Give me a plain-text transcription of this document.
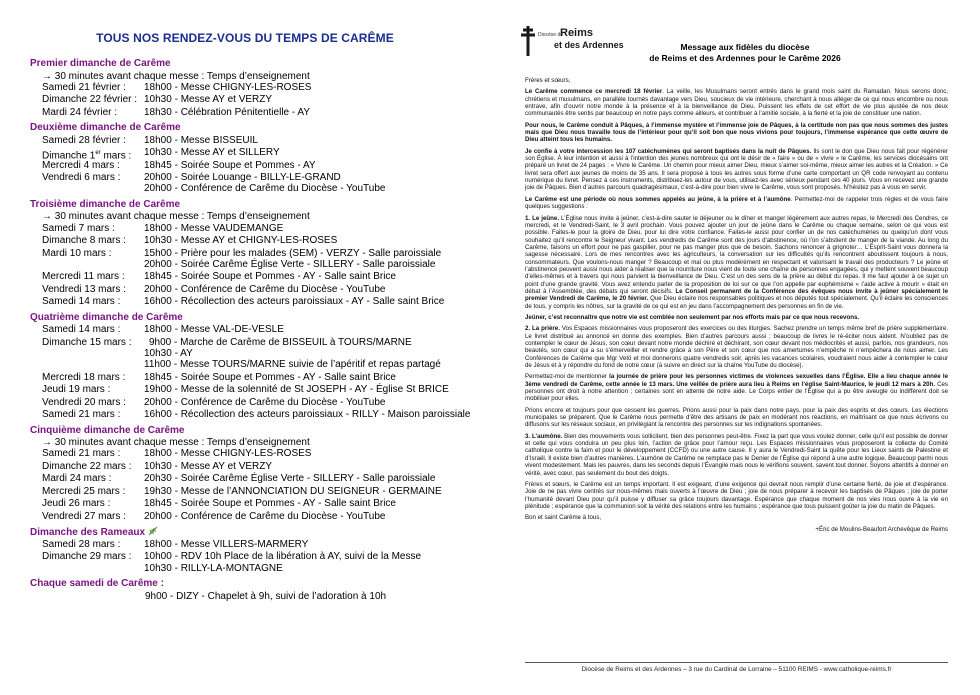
TOUS NOS RENDEZ-VOUS DU TEMPS DE CARÊME
Premier dimanche de Carême
→ 30 minutes avant chaque messe : Temps d’enseignement
Samedi 21 février : 18h00 - Messe CHIGNY-LES-ROSES
Dimanche 22 février : 10h30 - Messe AY et VERZY
Mardi 24 février :	18h30 - Célébration Pénitentielle - AY
Deuxième dimanche de Carême
Samedi 28 février : 18h00 - Messe BISSEUIL
Dimanche 1er mars : 10h30 - Messe AY et SILLERY
Mercredi 4 mars : 18h45 - Soirée Soupe et Pommes - AY
Vendredi 6 mars : 20h00 - Soirée Louange - BILLY-LE-GRAND
20h00 - Conférence de Carême du Diocèse - YouTube
Troisième dimanche de Carême
→ 30 minutes avant chaque messe : Temps d’enseignement
Samedi 7 mars :	18h00 - Messe VAUDEMANGE
Dimanche 8 mars : 10h30 - Messe AY et CHIGNY-LES-ROSES
Mardi 10 mars :	15h00 - Prière pour les malades (SEM) - VERZY - Salle paroissiale
20h00 - Soirée Carême Église Verte - SILLERY - Salle paroissiale
Mercredi 11 mars : 18h45 - Soirée Soupe et Pommes - AY - Salle saint Brice
Vendredi 13 mars : 20h00 - Conférence de Carême du Diocèse - YouTube
Samedi 14 mars : 16h00 - Récollection des acteurs paroissiaux - AY - Salle saint Brice
Quatrième dimanche de Carême
Samedi 14 mars : 18h00 - Messe VAL-DE-VESLE
Dimanche 15 mars : 9h00 - Marche de Carême de BISSEUIL à TOURS/MARNE
10h30 - AY
11h00 - Messe TOURS/MARNE suivie de l’apéritif et repas partagé
Mercredi 18 mars : 18h45 - Soirée Soupe et Pommes - AY - Salle saint Brice
Jeudi 19 mars :	19h00 - Messe de la solennité de St JOSEPH - AY - Église St BRICE
Vendredi 20 mars : 20h00 - Conférence de Carême du Diocèse - YouTube
Samedi 21 mars : 16h00 - Récollection des acteurs paroissiaux - RILLY - Maison paroissiale
Cinquième dimanche de Carême
→ 30 minutes avant chaque messe : Temps d’enseignement
Samedi 21 mars : 18h00 - Messe CHIGNY-LES-ROSES
Dimanche 22 mars : 10h30 - Messe AY et VERZY
Mardi 24 mars :	20h30 - Soirée Carême Église Verte - SILLERY - Salle paroissiale
Mercredi 25 mars : 19h30 - Messe de l’ANNONCIATION DU SEIGNEUR - GERMAINE
Jeudi 26 mars :	18h45 - Soirée Soupe et Pommes - AY - Salle saint Brice
Vendredi 27 mars : 20h00 - Conférence de Carême du Diocèse - YouTube
Dimanche des Rameaux
Samedi 28 mars : 18h00 - Messe VILLERS-MARMERY
Dimanche 29 mars : 10h00 - RDV 10h Place de la libération à AY, suivi de la Messe
10h30 - RILLY-LA-MONTAGNE
Chaque samedi de Carême :
9h00 - DIZY - Chapelet à 9h, suivi de l’adoration à 10h
Diocèse de
Reims
et des Ardennes	Message aux fidèles du diocèse
de Reims et des Ardennes pour le Carême 2026

Frères et sœurs,

Le Carême commence ce mercredi 18 février. La veille, les Musulmans seront entrés dans le grand mois saint du Ramadan. Nous serons donc, chrétiens et musulmans, en parallèle tournés davantage vers Dieu, soucieux de vie intérieure, cherchant à nous alléger de ce qui nous encombre ou nous entrave, afin d’ouvrir notre monde à la présence et à la bienveillance de Dieu. Puissent les effets de cet effort de vie plus ajustée de nos deux communautés être sentis par beaucoup en notre pays comme ailleurs, et contribuer à l’amitié sociale, à la fierté et la joie de constituer une nation.

Pour nous, le Carême conduit à Pâques, à l’immense mystère et l’immense joie de Pâques, à la certitude non pas que nous sommes des justes mais que Dieu nous travaille tous de l’intérieur pour qu’il soit bon que nous vivions pour toujours, l’immense espérance que cette œuvre de Dieu atteint tous les humains.

Je confie à votre intercession les 107 catéchumènes qui seront baptisés dans la nuit de Pâques. Ils sont le don que Dieu nous fait pour régénérer son Église. À leur intention et aussi à l’intention des jeunes nombreux qui ont le désir de « faire » ou de « vivre » le Carême, les services diocésains ont préparé un livret de 24 pages : « Vivre le Carême. Un chemin pour mieux aimer Dieu, mieux s’aimer soi-même, mieux aimer les autres et la Création. » Ce livret sera offert aux jeunes de moins de 35 ans. Il sera proposé à tous les autres sous forme d’une carte comportant un QR code renvoyant au contenu numérique du livret. Pensez à ces instruments, distribuez-les autour de vous, utilisez-les avec sérieux pendant ces 40 jours. Vous en recevez une grande joie de Pâques. Bien d’autres parcours quadragésimaux, c’est-à-dire pour bien vivre le Carême, vous sont proposés. N’hésitez pas à vous en servir.

Le Carême est une période où nous sommes appelés au jeûne, à la prière et à l’aumône. Permettez-moi de rappeler trois règles et de vous faire quelques suggestions :

1. Le jeûne. L’Église nous invite à jeûner, c’est-à-dire sauter le déjeuner ou le dîner et manger légèrement aux autres repas, le Mercredi des Cendres, ce mercredi, et le Vendredi-Saint, le 3 avril prochain. Vous pouvez ajouter un jour de jeûne dans le Carême ou chaque semaine, selon ce qui vous est possible. Faites-le pour la gloire de Dieu, pour lui dire votre confiance. Faites-le aussi pour confier un de nos catéchumènes ou quelqu’un dont vous souhaitez qu’il rencontre le Seigneur vivant. Les vendredis de Carême sont des jours d’abstinence, où l’on s’abstient de manger de la viande. Au long du Carême, faisons un effort pour ne pas gaspiller, pour ne pas manger plus que de besoin. Sachons renoncer à grignoter… L’Esprit-Saint vous donnera la sagesse nécessaire. Lors de mes rencontres avec les agriculteurs, la conversation sur les difficultés qu’ils rencontrent aboutissent toujours à nous, consommateurs. Que voulons-nous manger ? Beaucoup et mal ou plus modérément en respectant et valorisant le travail des producteurs ? Le jeûne et l’abstinence peuvent aussi nous aider à réaliser que la nourriture nous vient de toute une chaîne de personnes engagées, qui y mettent souvent beaucoup d’elles-mêmes et à travers qui nous parvient la bienveillance de Dieu. C’est un des sens de la prière au début du repas. Il me faut ajouter à ce sujet un point d’une grande gravité. Vous avez entendu parler de la proposition de loi sur ce que l’on appelle par euphémisme « l’aide active à mourir » était en débat à l’Assemblée, des débats qui seront décisifs. Le Conseil permanent de la Conférence des évêques nous invite à jeûner spécialement le premier Vendredi de Carême, le 20 février. Que Dieu éclaire nos responsables politiques et nos députés tout spécialement. Qu’il éclaire les consciences de tous, y compris les nôtres, sur la gravité de ce qui est en jeu dans l’accompagnement des personnes en fin de vie.

Jeûner, c’est reconnaître que notre vie est comblée non seulement par nos efforts mais par ce que nous recevons.

2. La prière. Vos Espaces missionnaires vous proposeront des exercices ou des liturgies. Sachez prendre un temps même bref de prière supplémentaire. Le livret distribué au annoncé en donne des exemples. Bien d’autres parcours aussi ; beaucoup de livres le ré-éciter nous aident. N’oubliez pas de contempler le cœur de Jésus, son cœur devant notre monde déchiré et déchirant, son cœur devant nos médiocrités et aussi, parfois, nos grandeurs, nos beautés, son cœur qui a su s’émerveiller et rendre grâce à son Père et son cœur que nos amertumes n’empêche ni n’empêchera de nous aimer. Les Conférences de Carême que Mgr Vetö et moi donnerons quatre vendredis soir, après les vacances scolaires, voudraient nous aider à contempler le cœur de Jésus et à y répondre du fond de notre cœur (à suivre en direct sur la chaîne YouTube du diocèse).

Permettez-moi de mentionner la journée de prière pour les personnes victimes de violences sexuelles dans l’Église. Elle a lieu chaque année le 3ème vendredi de Carême, cette année le 13 mars. Une veillée de prière aura lieu à Reims en l’église Saint-Maurice, le jeudi 12 mars à 20h. Ces personnes ont droit à notre attention ; certaines sont en attente de notre aide. Le Corps entier de l’Église qui a pu être aveugle ou indifférent doit se mobiliser pour elles.

Prions encore et toujours pour que cessent les guerres. Prions aussi pour la paix dans notre pays, pour la paix des esprits et des cœurs. Les élections municipales se préparent. Que le Carême nous permette d’être des artisans de paix en modérant nos réactions, en maîtrisant ce que nous écrivons ou diffusons sur les réseaux sociaux, en privilégiant la rencontre des personnes sur les indignations spontanées.

3. L’aumône. Bien des mouvements vous sollicitent, bien des personnes peut-être. Fixez la part que vous voulez donner, celle qu’il est possible de donner et celle qui vous conduira un peu plus loin, l’action de grâce pour l’amour reçu. Les Espaces missionnaires vous proposeront la collecte du Comité catholique contre la faim et pour le développement (CCFD) ou une autre cause. Il y aura le Vendredi-Saint la quête pour les Lieux saints de Palestine et d’Israël. Il existe bien d’autres manières. L’aumône de Carême ne remplace pas le Denier de l’Église qui répond à une autre logique. Beaucoup parmi nous vivent modestement. Mais les pauvres, dans les seconds depuis l’Évangile mais nous le vérifions souvent, savent tout donner. Soyons attentifs à donner en vérité, avec cœur, pas seulement du bout des doigts.

Frères et sœurs, le Carême est un temps important. Il est exigeant, d’une exigence qui devrait nous remplir d’une certaine fierté, de joie et d’espérance. Joie de ne pas vivre centrés sur nous-mêmes mais ouverts à l’œuvre de Dieu ; joie de nous préparer à recevoir les baptisés de Pâques ; joie de porter l’humanité devant Dieu pour qu’il puisse y diffuser sa grâce toujours davantage. Espérance que chaque moment de nos vies nous ouvre à la vie en plénitude ; espérance que la communion soit la vérité des relations entre les humains ; espérance que tous puissent goûter la joie du matin de Pâques.

Bon et saint Carême à tous,

+Éric de Moulins-Beaufort Archevêque de Reims
Diocèse de Reims et des Ardennes – 3 rue du Cardinal de Lorraine – 51100 REIMS - www.catholique-reims.fr
